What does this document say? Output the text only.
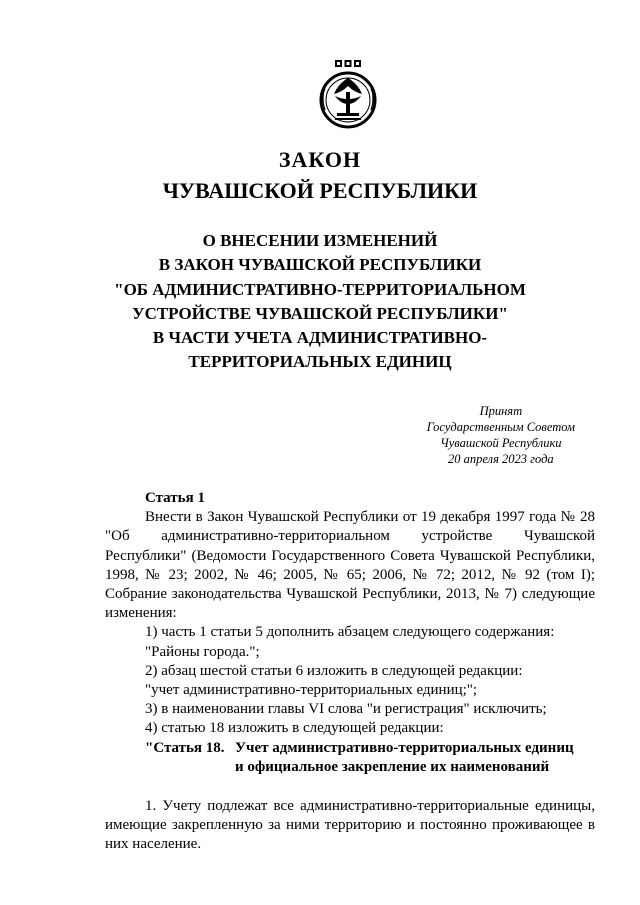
ЗАКОН
ЧУВАШСКОЙ РЕСПУБЛИКИ
О ВНЕСЕНИИ ИЗМЕНЕНИЙ
В ЗАКОН ЧУВАШСКОЙ РЕСПУБЛИКИ
"ОБ АДМИНИСТРАТИВНО-ТЕРРИТОРИАЛЬНОМ
УСТРОЙСТВЕ ЧУВАШСКОЙ РЕСПУБЛИКИ"
В ЧАСТИ УЧЕТА АДМИНИСТРАТИВНО-
ТЕРРИТОРИАЛЬНЫХ ЕДИНИЦ
Принят
Государственным Советом
Чувашской Республики
20 апреля 2023 года
Статья 1
Внести в Закон Чувашской Республики от 19 декабря 1997 года № 28 "Об административно-территориальном устройстве Чувашской Республики" (Ведомости Государственного Совета Чувашской Республики, 1998, № 23; 2002, № 46; 2005, № 65; 2006, № 72; 2012, № 92 (том I); Собрание законодательства Чувашской Республики, 2013, № 7) следующие изменения:
1) часть 1 статьи 5 дополнить абзацем следующего содержания:
"Районы города.";
2) абзац шестой статьи 6 изложить в следующей редакции:
"учет административно-территориальных единиц;";
3) в наименовании главы VI слова "и регистрация" исключить;
4) статью 18 изложить в следующей редакции:
"Статья 18. Учет административно-территориальных единиц
и официальное закрепление их наименований
1. Учету подлежат все административно-территориальные единицы, имеющие закрепленную за ними территорию и постоянно проживающее в них население.
